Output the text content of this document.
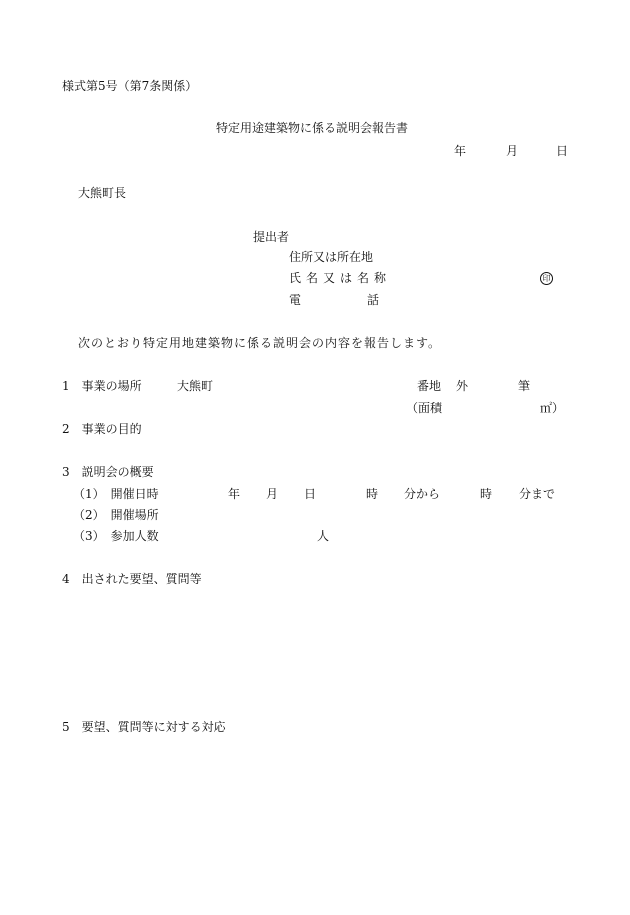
様式第5号（第7条関係）
特定用途建築物に係る説明会報告書
年	月	日
大熊町長
提出者
住所又は所在地
氏名又は名称	印
電	話
次のとおり特定用地建築物に係る説明会の内容を報告します。
1　事業の場所	大熊町	番地 外	筆
（面積	㎡）
2　事業の目的
3　説明会の概要
（1）　開催日時	年 月 日	時 分から	時 分まで
（2）　開催場所
（3）　参加人数	人
4　出された要望、質問等
5　要望、質問等に対する対応
